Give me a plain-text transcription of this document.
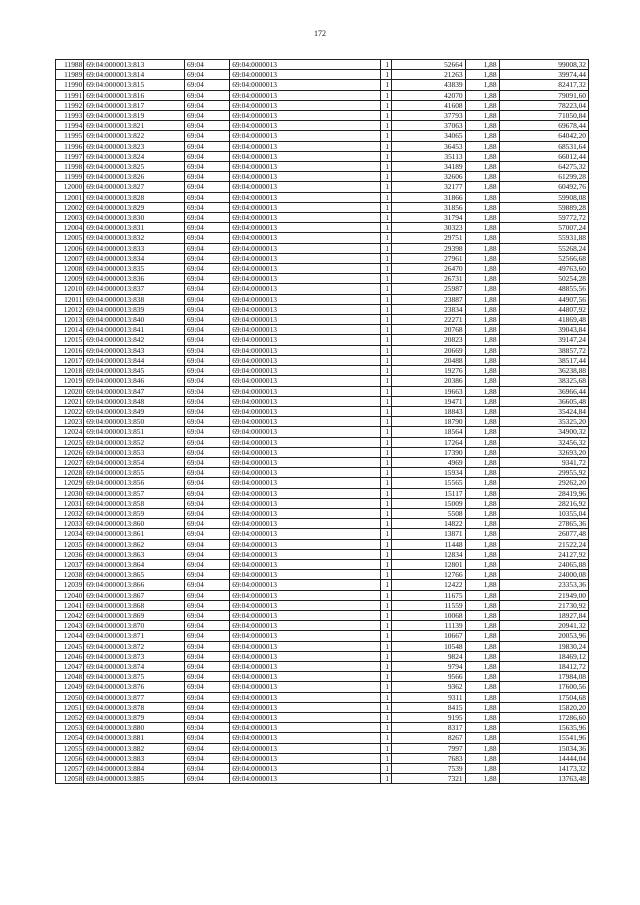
172
11988	69:04:0000013:813	69:04	69:04:0000013	1	52664	1,88	99008,32
11989	69:04:0000013:814	69:04	69:04:0000013	1	21263	1,88	39974,44
11990	69:04:0000013:815	69:04	69:04:0000013	1	43839	1,88	82417,32
11991	69:04:0000013:816	69:04	69:04:0000013	1	42070	1,88	79091,60
11992	69:04:0000013:817	69:04	69:04:0000013	1	41608	1,88	78223,04
11993	69:04:0000013:819	69:04	69:04:0000013	1	37793	1,88	71050,84
11994	69:04:0000013:821	69:04	69:04:0000013	1	37063	1,88	69678,44
11995	69:04:0000013:822	69:04	69:04:0000013	1	34065	1,88	64042,20
11996	69:04:0000013:823	69:04	69:04:0000013	1	36453	1,88	68531,64
11997	69:04:0000013:824	69:04	69:04:0000013	1	35113	1,88	66012,44
11998	69:04:0000013:825	69:04	69:04:0000013	1	34189	1,88	64275,32
11999	69:04:0000013:826	69:04	69:04:0000013	1	32606	1,88	61299,28
12000	69:04:0000013:827	69:04	69:04:0000013	1	32177	1,88	60492,76
12001	69:04:0000013:828	69:04	69:04:0000013	1	31866	1,88	59908,08
12002	69:04:0000013:829	69:04	69:04:0000013	1	31856	1,88	59889,28
12003	69:04:0000013:830	69:04	69:04:0000013	1	31794	1,88	59772,72
12004	69:04:0000013:831	69:04	69:04:0000013	1	30323	1,88	57007,24
12005	69:04:0000013:832	69:04	69:04:0000013	1	29751	1,88	55931,88
12006	69:04:0000013:833	69:04	69:04:0000013	1	29398	1,88	55268,24
12007	69:04:0000013:834	69:04	69:04:0000013	1	27961	1,88	52566,68
12008	69:04:0000013:835	69:04	69:04:0000013	1	26470	1,88	49763,60
12009	69:04:0000013:836	69:04	69:04:0000013	1	26731	1,88	50254,28
12010	69:04:0000013:837	69:04	69:04:0000013	1	25987	1,88	48855,56
12011	69:04:0000013:838	69:04	69:04:0000013	1	23887	1,88	44907,56
12012	69:04:0000013:839	69:04	69:04:0000013	1	23834	1,88	44807,92
12013	69:04:0000013:840	69:04	69:04:0000013	1	22271	1,88	41869,48
12014	69:04:0000013:841	69:04	69:04:0000013	1	20768	1,88	39043,84
12015	69:04:0000013:842	69:04	69:04:0000013	1	20823	1,88	39147,24
12016	69:04:0000013:843	69:04	69:04:0000013	1	20669	1,88	38857,72
12017	69:04:0000013:844	69:04	69:04:0000013	1	20488	1,88	38517,44
12018	69:04:0000013:845	69:04	69:04:0000013	1	19276	1,88	36238,88
12019	69:04:0000013:846	69:04	69:04:0000013	1	20386	1,88	38325,68
12020	69:04:0000013:847	69:04	69:04:0000013	1	19663	1,88	36966,44
12021	69:04:0000013:848	69:04	69:04:0000013	1	19471	1,88	36605,48
12022	69:04:0000013:849	69:04	69:04:0000013	1	18843	1,88	35424,84
12023	69:04:0000013:850	69:04	69:04:0000013	1	18790	1,88	35325,20
12024	69:04:0000013:851	69:04	69:04:0000013	1	18564	1,88	34900,32
12025	69:04:0000013:852	69:04	69:04:0000013	1	17264	1,88	32456,32
12026	69:04:0000013:853	69:04	69:04:0000013	1	17390	1,88	32693,20
12027	69:04:0000013:854	69:04	69:04:0000013	1	4969	1,88	9341,72
12028	69:04:0000013:855	69:04	69:04:0000013	1	15934	1,88	29955,92
12029	69:04:0000013:856	69:04	69:04:0000013	1	15565	1,88	29262,20
12030	69:04:0000013:857	69:04	69:04:0000013	1	15117	1,88	28419,96
12031	69:04:0000013:858	69:04	69:04:0000013	1	15009	1,88	28216,92
12032	69:04:0000013:859	69:04	69:04:0000013	1	5508	1,88	10355,04
12033	69:04:0000013:860	69:04	69:04:0000013	1	14822	1,88	27865,36
12034	69:04:0000013:861	69:04	69:04:0000013	1	13871	1,88	26077,48
12035	69:04:0000013:862	69:04	69:04:0000013	1	11448	1,88	21522,24
12036	69:04:0000013:863	69:04	69:04:0000013	1	12834	1,88	24127,92
12037	69:04:0000013:864	69:04	69:04:0000013	1	12801	1,88	24065,88
12038	69:04:0000013:865	69:04	69:04:0000013	1	12766	1,88	24000,08
12039	69:04:0000013:866	69:04	69:04:0000013	1	12422	1,88	23353,36
12040	69:04:0000013:867	69:04	69:04:0000013	1	11675	1,88	21949,00
12041	69:04:0000013:868	69:04	69:04:0000013	1	11559	1,88	21730,92
12042	69:04:0000013:869	69:04	69:04:0000013	1	10068	1,88	18927,84
12043	69:04:0000013:870	69:04	69:04:0000013	1	11139	1,88	20941,32
12044	69:04:0000013:871	69:04	69:04:0000013	1	10667	1,88	20053,96
12045	69:04:0000013:872	69:04	69:04:0000013	1	10548	1,88	19830,24
12046	69:04:0000013:873	69:04	69:04:0000013	1	9824	1,88	18469,12
12047	69:04:0000013:874	69:04	69:04:0000013	1	9794	1,88	18412,72
12048	69:04:0000013:875	69:04	69:04:0000013	1	9566	1,88	17984,08
12049	69:04:0000013:876	69:04	69:04:0000013	1	9362	1,88	17600,56
12050	69:04:0000013:877	69:04	69:04:0000013	1	9311	1,88	17504,68
12051	69:04:0000013:878	69:04	69:04:0000013	1	8415	1,88	15820,20
12052	69:04:0000013:879	69:04	69:04:0000013	1	9195	1,88	17286,60
12053	69:04:0000013:880	69:04	69:04:0000013	1	8317	1,88	15635,96
12054	69:04:0000013:881	69:04	69:04:0000013	1	8267	1,88	15541,96
12055	69:04:0000013:882	69:04	69:04:0000013	1	7997	1,88	15034,36
12056	69:04:0000013:883	69:04	69:04:0000013	1	7683	1,88	14444,04
12057	69:04:0000013:884	69:04	69:04:0000013	1	7539	1,88	14173,32
12058	69:04:0000013:885	69:04	69:04:0000013	1	7321	1,88	13763,48
